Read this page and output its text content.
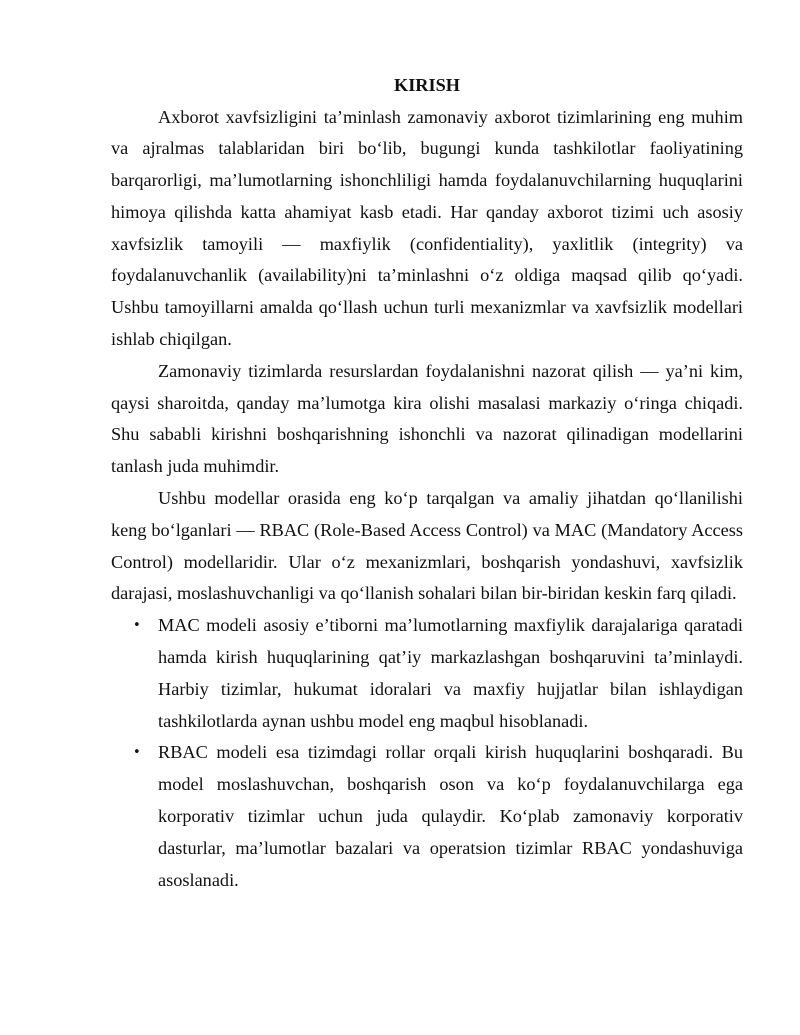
KIRISH

Axborot xavfsizligini ta’minlash zamonaviy axborot tizimlarining eng muhim va ajralmas talablaridan biri bo‘lib, bugungi kunda tashkilotlar faoliyatining barqarorligi, ma’lumotlarning ishonchliligi hamda foydalanuvchilarning huquqlarini himoya qilishda katta ahamiyat kasb etadi. Har qanday axborot tizimi uch asosiy xavfsizlik tamoyili — maxfiylik (confidentiality), yaxlitlik (integrity) va foydalanuvchanlik (availability)ni ta’minlashni o‘z oldiga maqsad qilib qo‘yadi. Ushbu tamoyillarni amalda qo‘llash uchun turli mexanizmlar va xavfsizlik modellari ishlab chiqilgan.

Zamonaviy tizimlarda resurslardan foydalanishni nazorat qilish — ya’ni kim, qaysi sharoitda, qanday ma’lumotga kira olishi masalasi markaziy o‘ringa chiqadi. Shu sababli kirishni boshqarishning ishonchli va nazorat qilinadigan modellarini tanlash juda muhimdir.

Ushbu modellar orasida eng ko‘p tarqalgan va amaliy jihatdan qo‘llanilishi keng bo‘lganlari — RBAC (Role-Based Access Control) va MAC (Mandatory Access Control) modellaridir. Ular o‘z mexanizmlari, boshqarish yondashuvi, xavfsizlik darajasi, moslashuvchanligi va qo‘llanish sohalari bilan bir-biridan keskin farq qiladi.

• MAC modeli asosiy e’tiborni ma’lumotlarning maxfiylik darajalariga qaratadi hamda kirish huquqlarining qat’iy markazlashgan boshqaruvini ta’minlaydi. Harbiy tizimlar, hukumat idoralari va maxfiy hujjatlar bilan ishlaydigan tashkilotlarda aynan ushbu model eng maqbul hisoblanadi.
• RBAC modeli esa tizimdagi rollar orqali kirish huquqlarini boshqaradi. Bu model moslashuvchan, boshqarish oson va ko‘p foydalanuvchilarga ega korporativ tizimlar uchun juda qulaydir. Ko‘plab zamonaviy korporativ dasturlar, ma’lumotlar bazalari va operatsion tizimlar RBAC yondashuviga asoslanadi.
